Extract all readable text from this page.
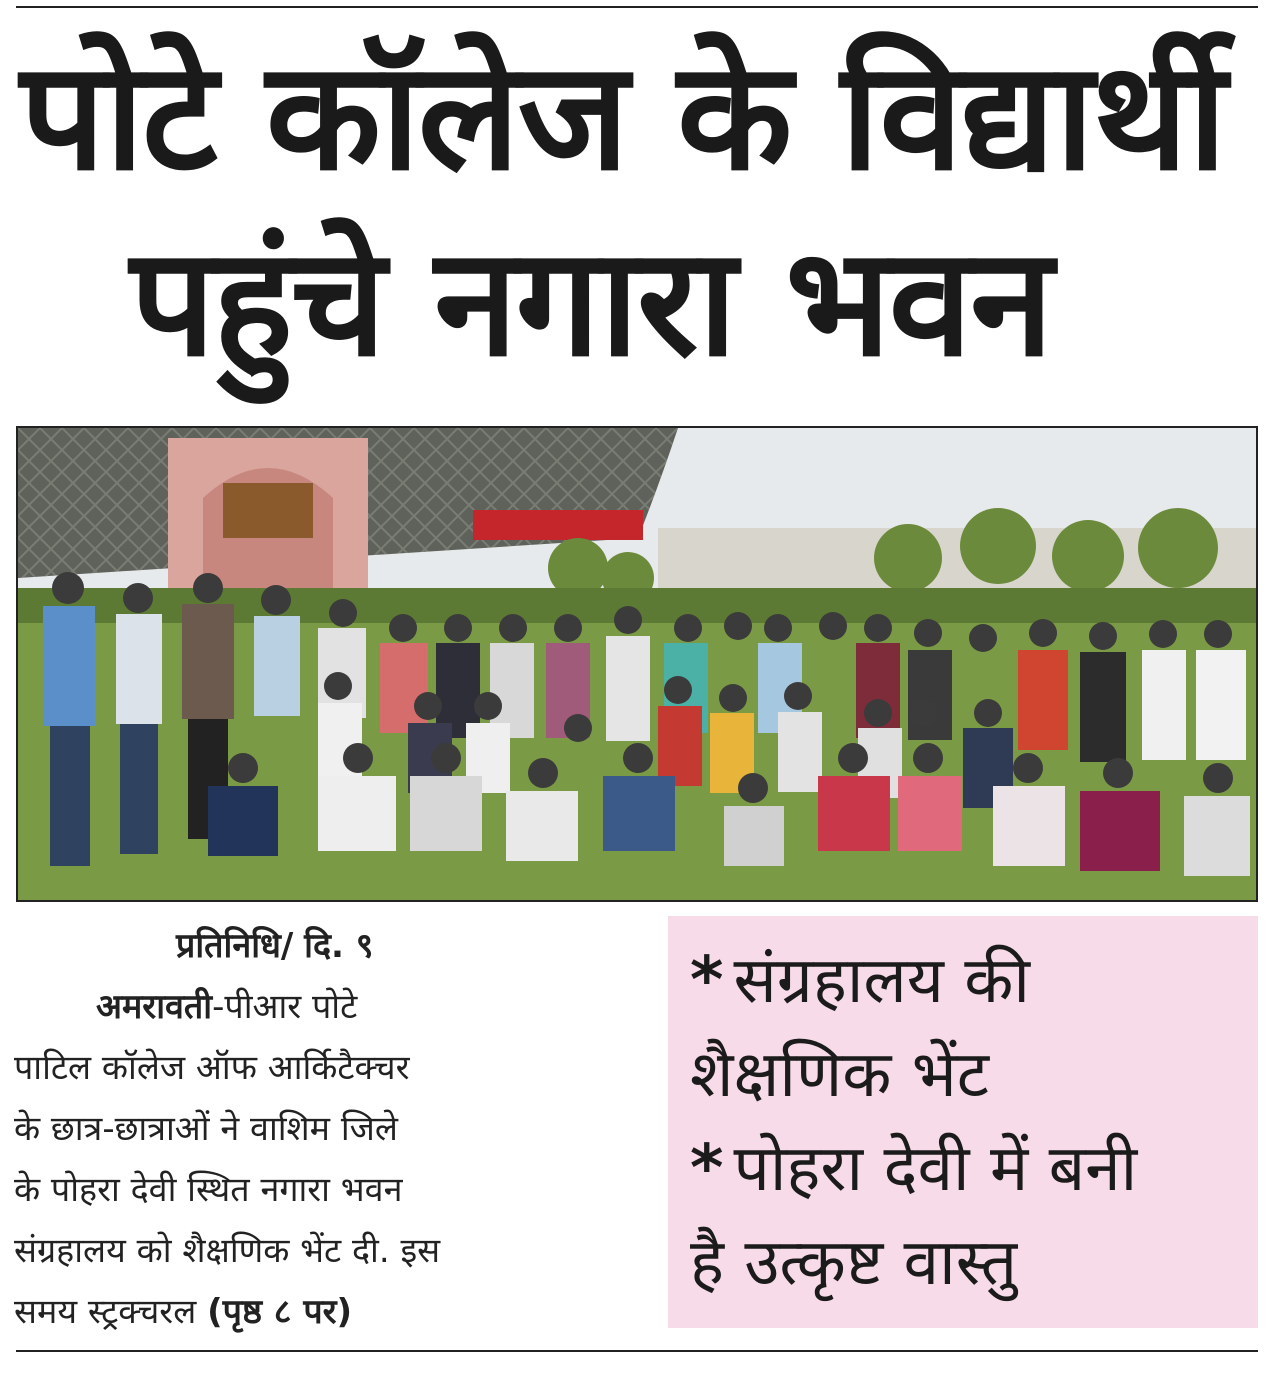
पोटे कॉलेज के विद्यार्थी
पहुंचे नगारा भवन
प्रतिनिधि/ दि. ९
अमरावती-पीआर पोटे
पाटिल कॉलेज ऑफ आर्किटैक्चर
के छात्र-छात्राओं ने वाशिम जिले
के पोहरा देवी स्थित नगारा भवन
संग्रहालय को शैक्षणिक भेंट दी. इस
समय स्ट्रक्चरल (पृष्ठ ८ पर)
* संग्रहालय की
शैक्षणिक भेंट
* पोहरा देवी में बनी
है उत्कृष्ट वास्तु
